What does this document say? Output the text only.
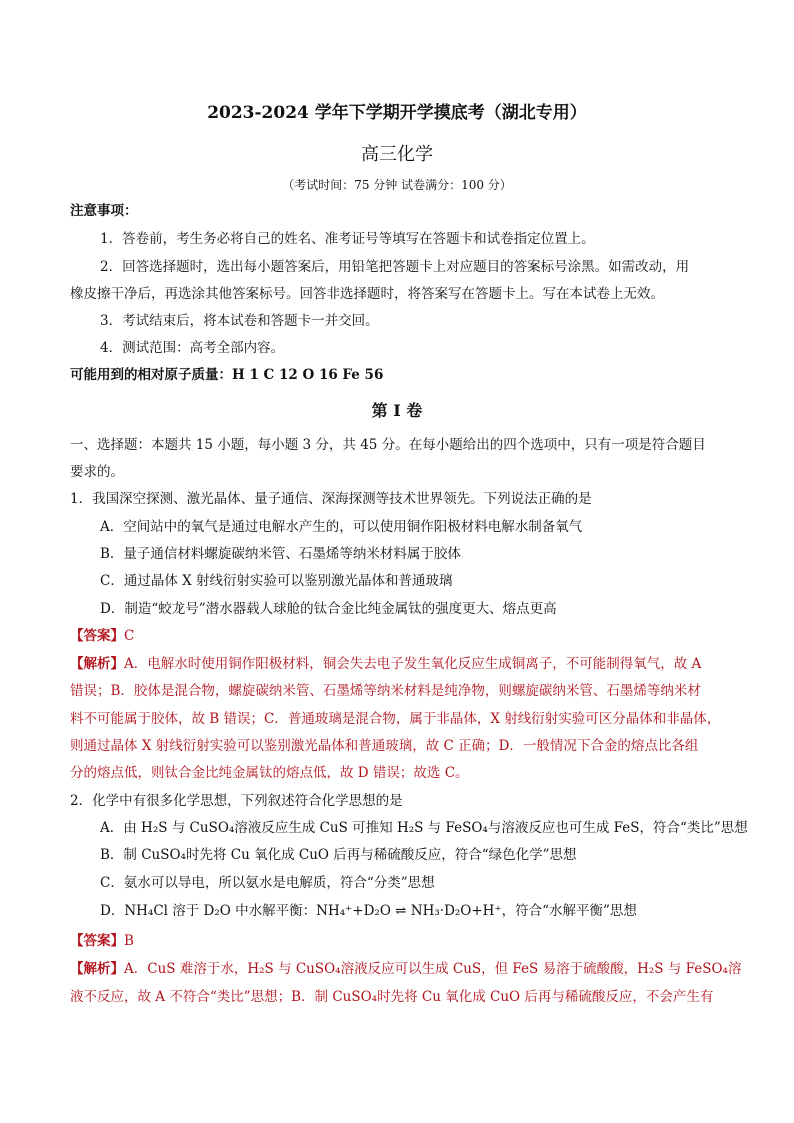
2023-2024 学年下学期开学摸底考（湖北专用）
高三化学
（考试时间：75 分钟 试卷满分：100 分）
注意事项：
1．答卷前，考生务必将自己的姓名、准考证号等填写在答题卡和试卷指定位置上。
2．回答选择题时，选出每小题答案后，用铅笔把答题卡上对应题目的答案标号涂黑。如需改动，用
橡皮擦干净后，再选涂其他答案标号。回答非选择题时，将答案写在答题卡上。写在本试卷上无效。
3．考试结束后，将本试卷和答题卡一并交回。
4．测试范围：高考全部内容。
可能用到的相对原子质量：H 1 C 12 O 16 Fe 56
第 I 卷
一、选择题：本题共 15 小题，每小题 3 分，共 45 分。在每小题给出的四个选项中，只有一项是符合题目
要求的。
1．我国深空探测、激光晶体、量子通信、深海探测等技术世界领先。下列说法正确的是
A．空间站中的氧气是通过电解水产生的，可以使用铜作阳极材料电解水制备氧气
B．量子通信材料螺旋碳纳米管、石墨烯等纳米材料属于胶体
C．通过晶体 X 射线衍射实验可以鉴别激光晶体和普通玻璃
D．制造“蛟龙号”潜水器载人球舱的钛合金比纯金属钛的强度更大、熔点更高
【答案】C
【解析】A．电解水时使用铜作阳极材料，铜会失去电子发生氧化反应生成铜离子，不可能制得氧气，故 A
错误；B．胶体是混合物，螺旋碳纳米管、石墨烯等纳米材料是纯净物，则螺旋碳纳米管、石墨烯等纳米材
料不可能属于胶体，故 B 错误；C．普通玻璃是混合物，属于非晶体，X 射线衍射实验可区分晶体和非晶体，
则通过晶体 X 射线衍射实验可以鉴别激光晶体和普通玻璃，故 C 正确；D．一般情况下合金的熔点比各组
分的熔点低，则钛合金比纯金属钛的熔点低，故 D 错误；故选 C。
2．化学中有很多化学思想，下列叙述符合化学思想的是
A．由 H₂S 与 CuSO₄溶液反应生成 CuS 可推知 H₂S 与 FeSO₄与溶液反应也可生成 FeS，符合“类比”思想
B．制 CuSO₄时先将 Cu 氧化成 CuO 后再与稀硫酸反应，符合“绿色化学”思想
C．氨水可以导电，所以氨水是电解质，符合“分类”思想
D．NH₄Cl 溶于 D₂O 中水解平衡：NH₄⁺+D₂O ⇌ NH₃·D₂O+H⁺，符合“水解平衡”思想
【答案】B
【解析】A．CuS 难溶于水，H₂S 与 CuSO₄溶液反应可以生成 CuS，但 FeS 易溶于硫酸酸，H₂S 与 FeSO₄溶
液不反应，故 A 不符合“类比”思想；B．制 CuSO₄时先将 Cu 氧化成 CuO 后再与稀硫酸反应，不会产生有
